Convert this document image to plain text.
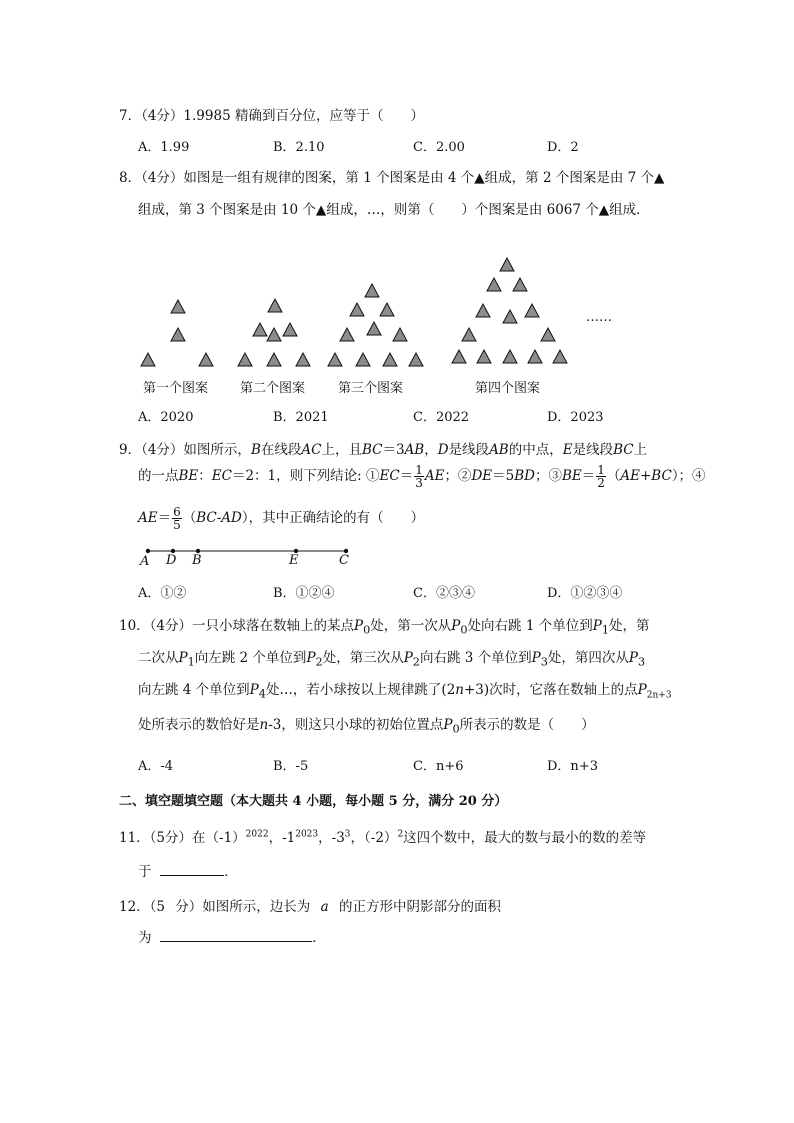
7．（4分）1.9985 精确到百分位，应等于（　　）
A．1.99	B．2.10	C．2.00	D．2
8．（4分）如图是一组有规律的图案，第 1 个图案是由 4 个▲组成，第 2 个图案是由 7 个▲
组成，第 3 个图案是由 10 个▲组成，…，则第（　　）个图案是由 6067 个▲组成．
……
第一个图案 第二个图案	第三个图案	第四个图案
A．2020	B．2021	C．2022	D．2023
9．（4分）如图所示，B在线段AC上，且BC＝3AB，D是线段AB的中点，E是线段BC上
的一点BE：EC＝2：1，则下列结论: ①EC＝ $\frac{1}{3}$ AE；②DE＝5BD；③BE＝ $\frac{1}{2} (AE+BC)$；④
$AE= \frac{6}{5} (BC-AD)$，其中正确结论的有（　　）
A D B	E	C
A．①②	B．①②④	C．②③④	D．①②③④
10．（4分）一只小球落在数轴上的某点$P_0$处，第一次从$P_0$处向右跳 1 个单位到$P_1$处，第
二次从$P_1$向左跳 2 个单位到$P_2$处，第三次从$P_2$向右跳 3 个单位到$P_3$处，第四次从$P_3$
向左跳 4 个单位到$P_4$处…，若小球按以上规律跳了(2n+3)次时，它落在数轴上的点$P_{2n+3}$
处所表示的数恰好是n-3，则这只小球的初始位置点$P_0$所表示的数是（　　）
A．-4	B．-5	C．n+6	D．n+3
二、填空题填空题（本大题共 4 小题，每小题 5 分，满分 20 分）
11．（5分）在$(-1)^{2022}$，$-1^{2023}$，$-3^3$，$(-2)^2$这四个数中，最大的数与最小的数的差等
于	．
12．（5 分）如图所示，边长为 a 的正方形中阴影部分的面积
为	．
